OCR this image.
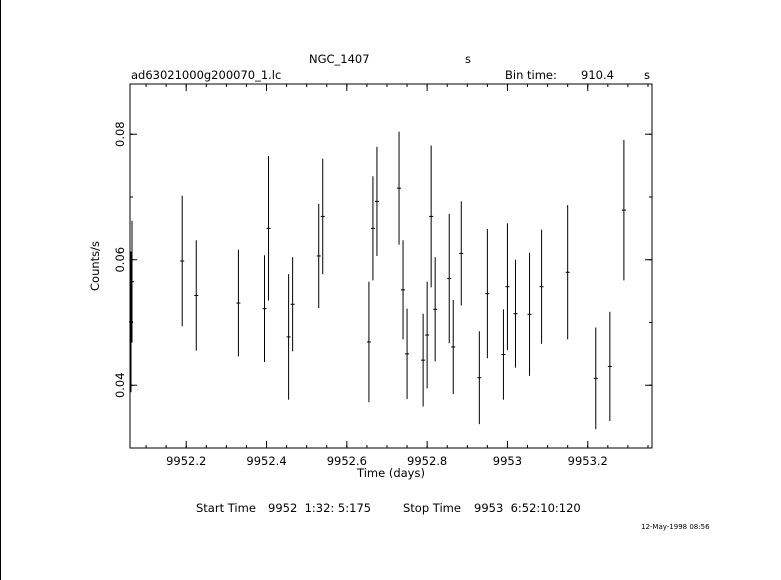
NGC_1407	s
ad63021000g200070_1.lc	Bin time: 910.4	s
9952.2	9952.4	9952.6	9952.8	9953	9953.2
0.04
0.06
0.08
Time (days)
Counts/s
Start Time 9952  1:32: 5:175	Stop Time 9953  6:52:10:120
12-May-1998 08:56
